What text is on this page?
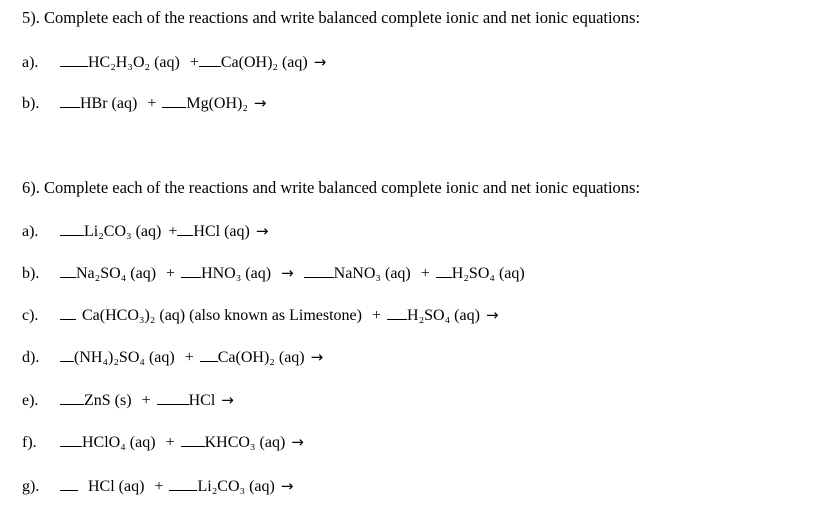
5). Complete each of the reactions and write balanced complete ionic and net ionic equations:
a).	HC₂H₃O₂ (aq) + Ca(OH)₂ (aq) →
b).	HBr (aq) + Mg(OH)₂ →
6). Complete each of the reactions and write balanced complete ionic and net ionic equations:
a).	Li₂CO₃ (aq) + HCl (aq) →
b). Na₂SO₄ (aq) + HNO₃ (aq) →	NaNO₃ (aq) + H₂SO₄ (aq)
c).	Ca(HCO₃)₂ (aq) (also known as Limestone) + H₂SO₄ (aq) →
d). (NH₄)₂SO₄ (aq) + Ca(OH)₂ (aq) →
e).	ZnS (s) + HCl →
f).	HClO₄ (aq) + KHCO₃ (aq) →
g).	HCl (aq) + Li₂CO₃ (aq) →
